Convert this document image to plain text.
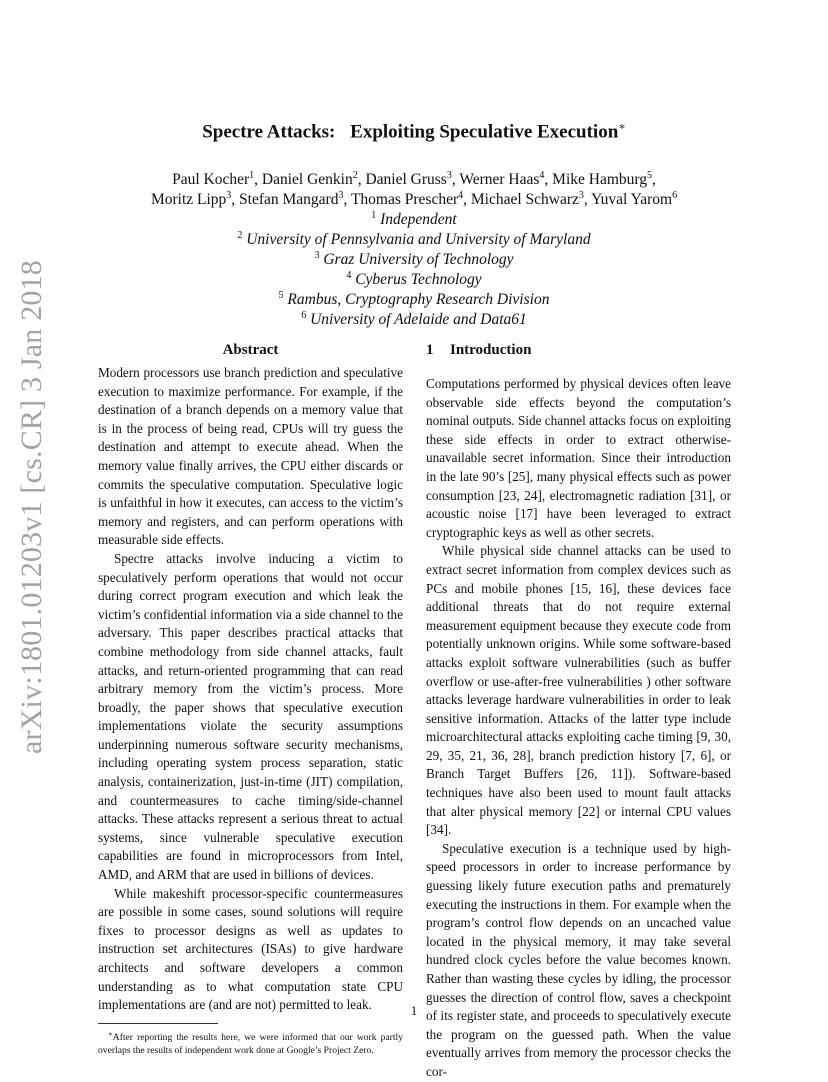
arXiv:1801.01203v1 [cs.CR] 3 Jan 2018
Spectre Attacks: Exploiting Speculative Execution∗
Paul Kocher$^1$, Daniel Genkin$^2$, Daniel Gruss$^3$, Werner Haas$^4$, Mike Hamburg$^5$,
Moritz Lipp$^3$, Stefan Mangard$^3$, Thomas Prescher$^4$, Michael Schwarz$^3$, Yuval Yarom$^6$
$^1$ Independent
$^2$ University of Pennsylvania and University of Maryland
$^3$ Graz University of Technology
$^4$ Cyberus Technology
$^5$ Rambus, Cryptography Research Division
$^6$ University of Adelaide and Data61
Abstract

Modern processors use branch prediction and speculative execution to maximize performance. For example, if the destination of a branch depends on a memory value that is in the process of being read, CPUs will try guess the destination and attempt to execute ahead. When the memory value finally arrives, the CPU either discards or commits the speculative computation. Speculative logic is unfaithful in how it executes, can access to the victim’s memory and registers, and can perform operations with measurable side effects.

Spectre attacks involve inducing a victim to speculatively perform operations that would not occur during correct program execution and which leak the victim’s confidential information via a side channel to the adversary. This paper describes practical attacks that combine methodology from side channel attacks, fault attacks, and return-oriented programming that can read arbitrary memory from the victim’s process. More broadly, the paper shows that speculative execution implementations violate the security assumptions underpinning numerous software security mechanisms, including operating system process separation, static analysis, containerization, just-in-time (JIT) compilation, and countermeasures to cache timing/side-channel attacks. These attacks represent a serious threat to actual systems, since vulnerable speculative execution capabilities are found in microprocessors from Intel, AMD, and ARM that are used in billions of devices.

While makeshift processor-specific countermeasures are possible in some cases, sound solutions will require fixes to processor designs as well as updates to instruction set architectures (ISAs) to give hardware architects and software developers a common understanding as to what computation state CPU implementations are (and are not) permitted to leak.

∗After reporting the results here, we were informed that our work partly overlaps the results of independent work done at Google’s Project Zero.
1 Introduction

Computations performed by physical devices often leave observable side effects beyond the computation’s nominal outputs. Side channel attacks focus on exploiting these side effects in order to extract otherwise-unavailable secret information. Since their introduction in the late 90’s [25], many physical effects such as power consumption [23, 24], electromagnetic radiation [31], or acoustic noise [17] have been leveraged to extract cryptographic keys as well as other secrets.

While physical side channel attacks can be used to extract secret information from complex devices such as PCs and mobile phones [15, 16], these devices face additional threats that do not require external measurement equipment because they execute code from potentially unknown origins. While some software-based attacks exploit software vulnerabilities (such as buffer overflow or use-after-free vulnerabilities ) other software attacks leverage hardware vulnerabilities in order to leak sensitive information. Attacks of the latter type include microarchitectural attacks exploiting cache timing [9, 30, 29, 35, 21, 36, 28], branch prediction history [7, 6], or Branch Target Buffers [26, 11]). Software-based techniques have also been used to mount fault attacks that alter physical memory [22] or internal CPU values [34].

Speculative execution is a technique used by high-speed processors in order to increase performance by guessing likely future execution paths and prematurely executing the instructions in them. For example when the program’s control flow depends on an uncached value located in the physical memory, it may take several hundred clock cycles before the value becomes known. Rather than wasting these cycles by idling, the processor guesses the direction of control flow, saves a checkpoint of its register state, and proceeds to speculatively execute the program on the guessed path. When the value eventually arrives from memory the processor checks the cor-

1
